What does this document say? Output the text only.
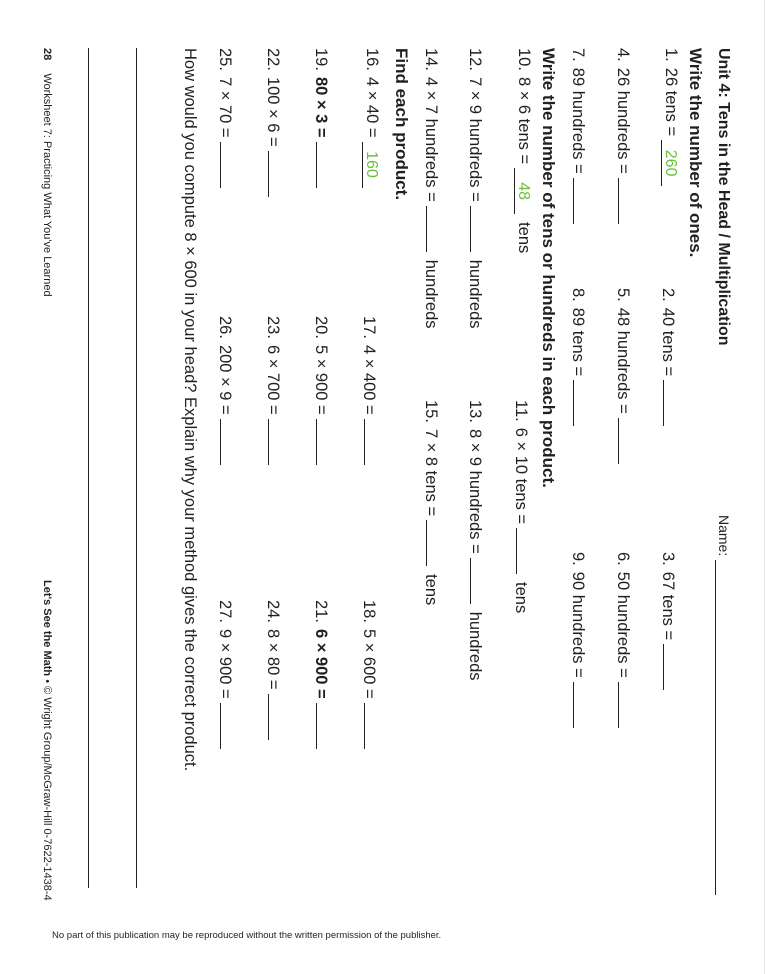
Unit 4: Tens in the Head / Multiplication
Name:
Write the number of ones.
1.
26 tens =
260
2.
40 tens =
3.
67 tens =
4.
26 hundreds =
5.
48 hundreds =
6.
50 hundreds =
7.
89 hundreds =
8.
89 tens =
9.
90 hundreds =
Write the number of tens or hundreds in each product.
10.
8 × 6 tens =
48
tens
11.
6 × 10 tens =
tens
12.
7 × 9 hundreds =
hundreds
13.
8 × 9 hundreds =
hundreds
14.
4 × 7 hundreds =
hundreds
15.
7 × 8 tens =
tens
Find each product.
16.
4 × 40 =
160
17.
4 × 400 =
18.
5 × 600 =
19.
80 × 3 =
20.
5 × 900 =
21.
6 × 900 =
22.
100 × 6 =
23.
6 × 700 =
24.
8 × 80 =
25.
7 × 70 =
26.
200 × 9 =
27.
9 × 900 =
How would you compute 8 × 600 in your head? Explain why your method gives the correct product.
28 Worksheet 7: Practicing What You've Learned
Let's See the Math • © Wright Group/McGraw-Hill 0-7622-1438-4
No part of this publication may be reproduced without the written permission of the publisher.
